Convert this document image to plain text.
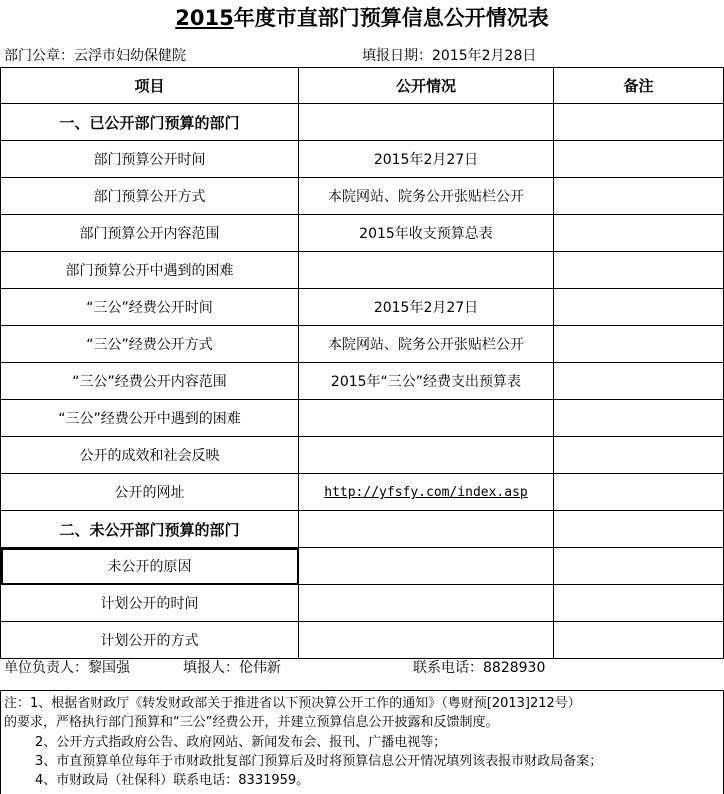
2015年度市直部门预算信息公开情况表
部门公章：云浮市妇幼保健院	填报日期：2015年2月28日
项目	公开情况	备注
一、已公开部门预算的部门		
部门预算公开时间	2015年2月27日	
部门预算公开方式	本院网站、院务公开张贴栏公开	
部门预算公开内容范围	2015年收支预算总表	
部门预算公开中遇到的困难		
“三公”经费公开时间	2015年2月27日	
“三公”经费公开方式	本院网站、院务公开张贴栏公开	
“三公”经费公开内容范围	2015年“三公”经费支出预算表	
“三公”经费公开中遇到的困难		
公开的成效和社会反映		
公开的网址	http://yfsfy.com/index.asp	
二、未公开部门预算的部门		
未公开的原因		
计划公开的时间		
计划公开的方式		
单位负责人：黎国强	填报人：伦伟新	联系电话：8828930
注：1、根据省财政厅《转发财政部关于推进省以下预决算公开工作的通知》（粤财预[2013]212号）
的要求，严格执行部门预算和“三公”经费公开，并建立预算信息公开披露和反馈制度。
2、公开方式指政府公告、政府网站、新闻发布会、报刊、广播电视等；
3、市直预算单位每年于市财政批复部门预算后及时将预算信息公开情况填列该表报市财政局备案；
4、市财政局（社保科）联系电话：8331959。
